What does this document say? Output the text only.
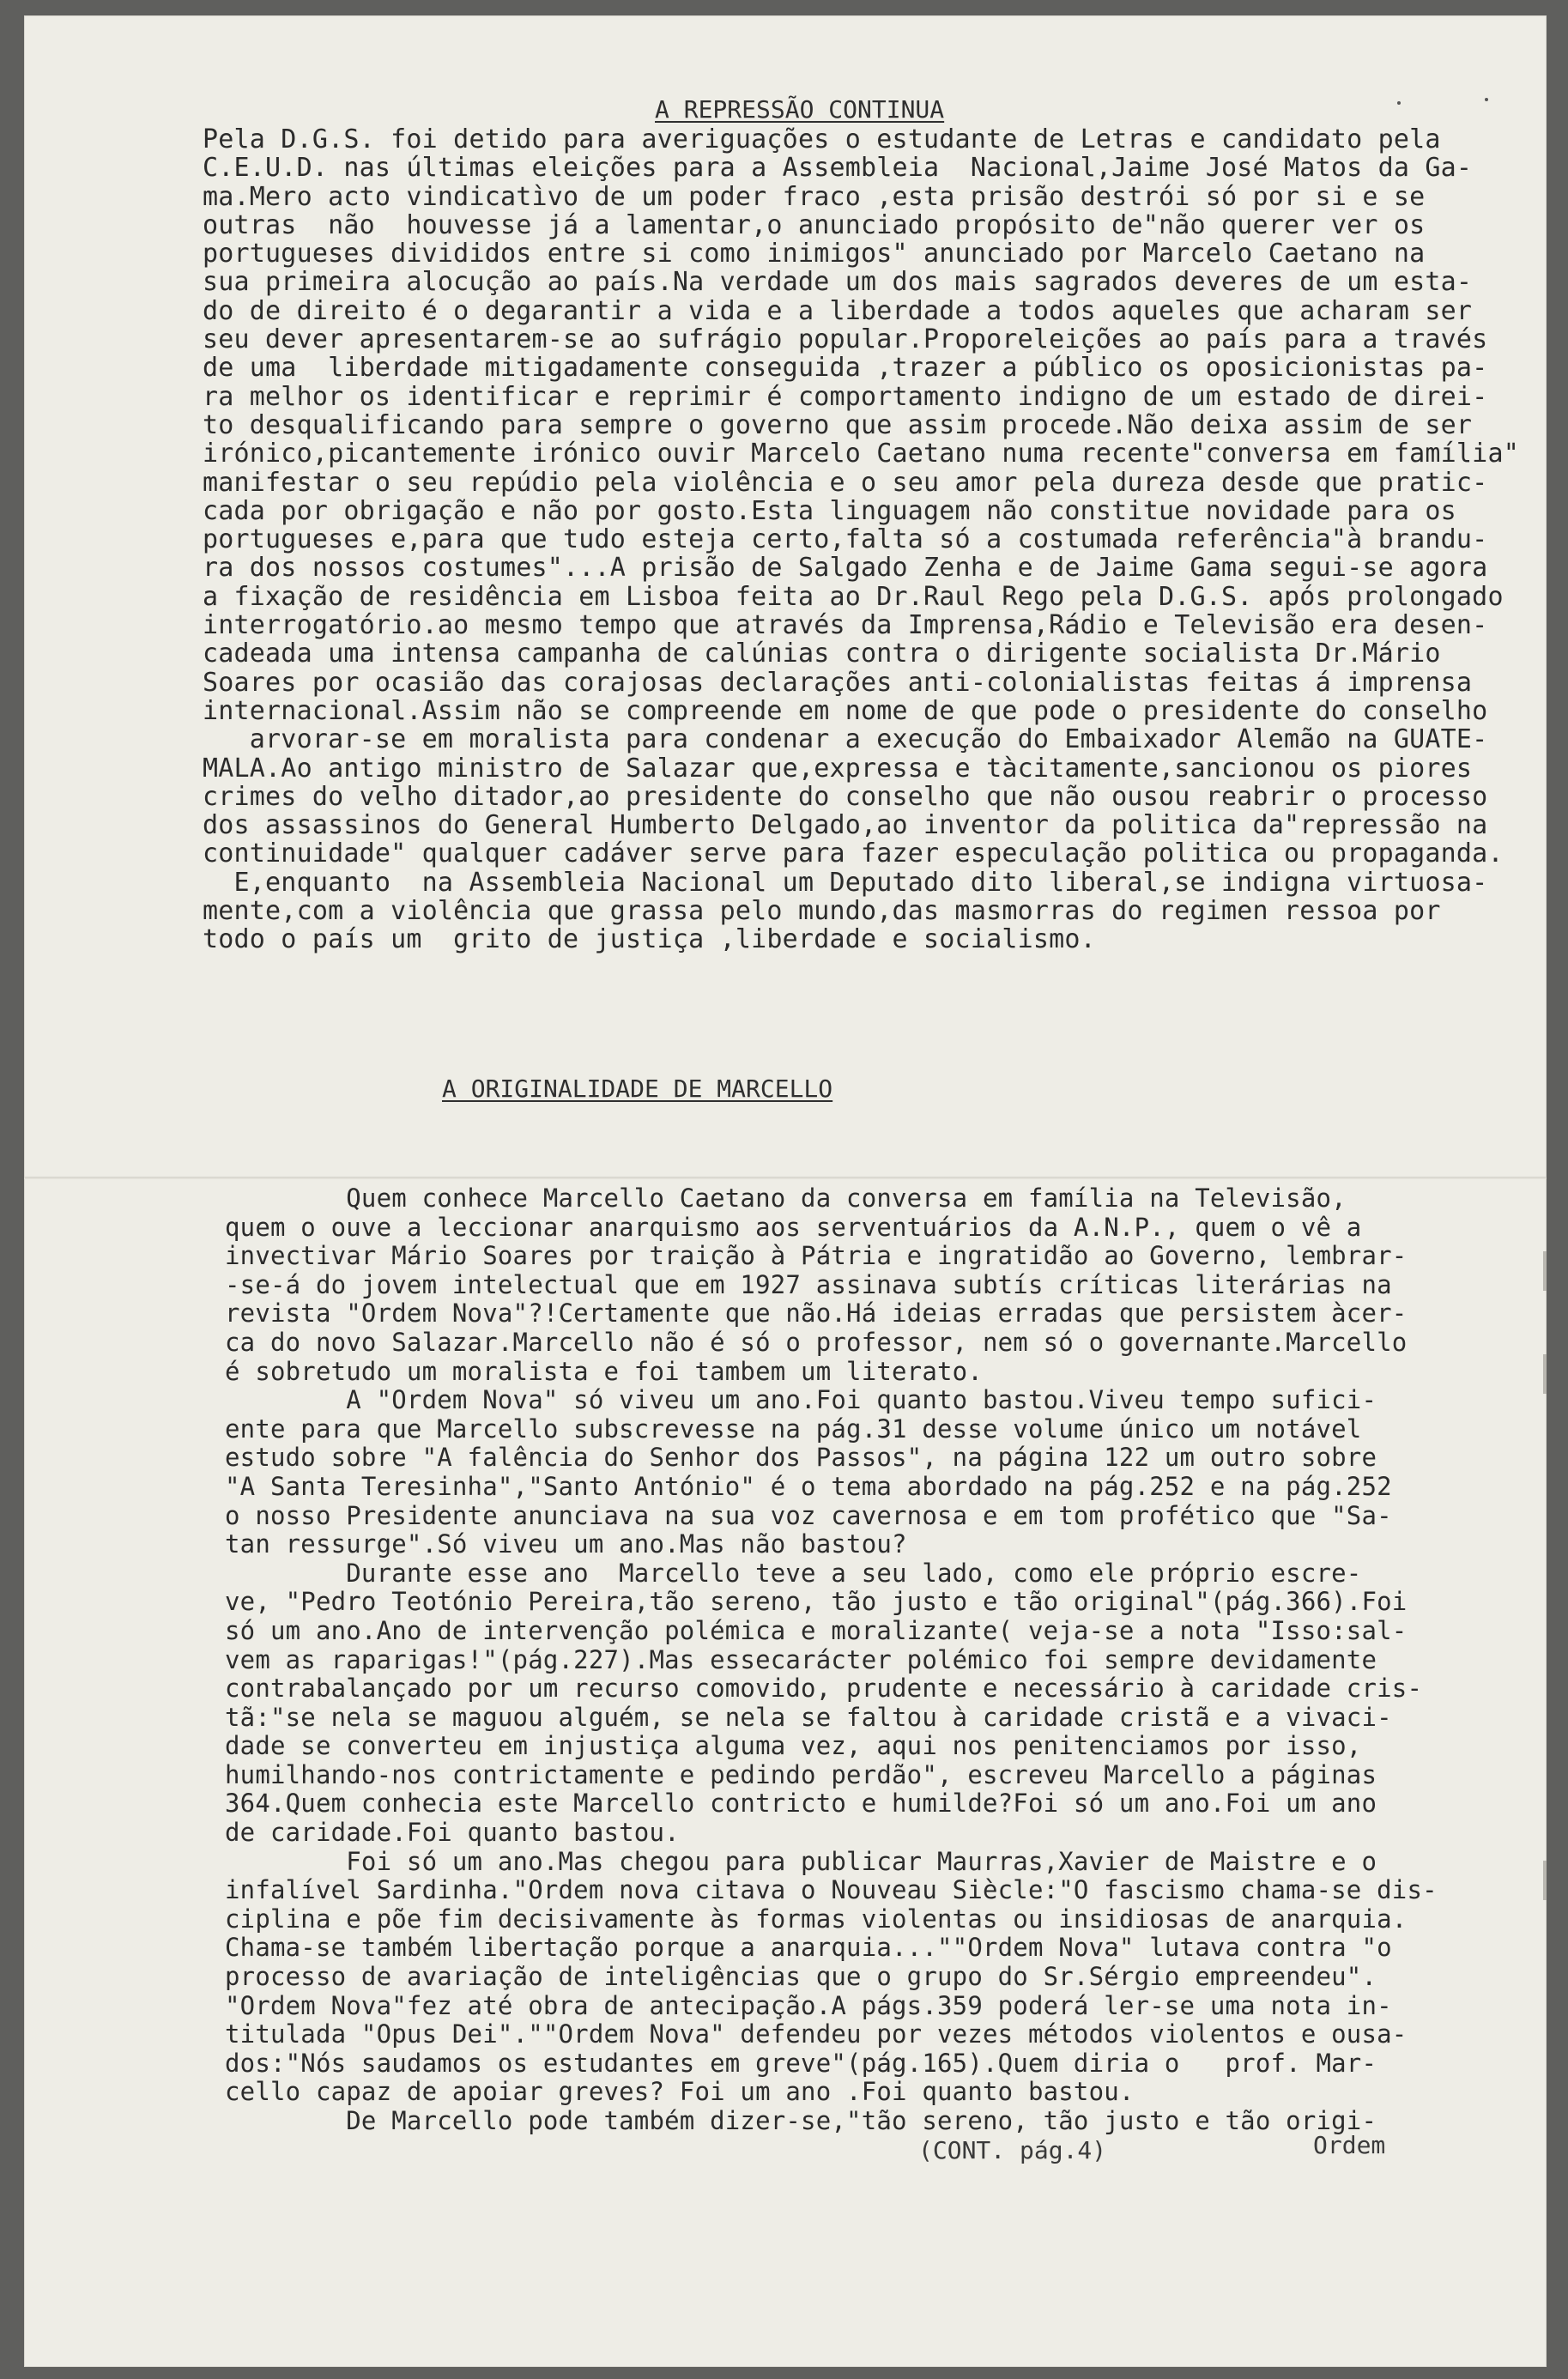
A REPRESSÃO CONTINUA
Pela D.G.S. foi detido para averiguações o estudante de Letras e candidato pela
C.E.U.D. nas últimas eleições para a Assembleia  Nacional,Jaime José Matos da Ga-
ma.Mero acto vindicatìvo de um poder fraco ,esta prisão destrói só por si e se
outras  não  houvesse já a lamentar,o anunciado propósito de"não querer ver os
portugueses divididos entre si como inimigos" anunciado por Marcelo Caetano na
sua primeira alocução ao país.Na verdade um dos mais sagrados deveres de um esta-
do de direito é o degarantir a vida e a liberdade a todos aqueles que acharam ser
seu dever apresentarem-se ao sufrágio popular.Proporeleições ao país para a través
de uma  liberdade mitigadamente conseguida ,trazer a público os oposicionistas pa-
ra melhor os identificar e reprimir é comportamento indigno de um estado de direi-
to desqualificando para sempre o governo que assim procede.Não deixa assim de ser
irónico,picantemente irónico ouvir Marcelo Caetano numa recente"conversa em família"
manifestar o seu repúdio pela violência e o seu amor pela dureza desde que pratic-
cada por obrigação e não por gosto.Esta linguagem não constitue novidade para os
portugueses e,para que tudo esteja certo,falta só a costumada referência"à brandu-
ra dos nossos costumes"...A prisão de Salgado Zenha e de Jaime Gama segui-se agora
a fixação de residência em Lisboa feita ao Dr.Raul Rego pela D.G.S. após prolongado
interrogatório.ao mesmo tempo que através da Imprensa,Rádio e Televisão era desen-
cadeada uma intensa campanha de calúnias contra o dirigente socialista Dr.Mário
Soares por ocasião das corajosas declarações anti-colonialistas feitas á imprensa
internacional.Assim não se compreende em nome de que pode o presidente do conselho
arvorar-se em moralista para condenar a execução do Embaixador Alemão na GUATE-
MALA.Ao antigo ministro de Salazar que,expressa e tàcitamente,sancionou os piores
crimes do velho ditador,ao presidente do conselho que não ousou reabrir o processo
dos assassinos do General Humberto Delgado,ao inventor da politica da"repressão na
continuidade" qualquer cadáver serve para fazer especulação politica ou propaganda.
E,enquanto  na Assembleia Nacional um Deputado dito liberal,se indigna virtuosa-
mente,com a violência que grassa pelo mundo,das masmorras do regimen ressoa por
todo o país um  grito de justiça ,liberdade e socialismo.
A ORIGINALIDADE DE MARCELLO
Quem conhece Marcello Caetano da conversa em família na Televisão,
quem o ouve a leccionar anarquismo aos serventuários da A.N.P., quem o vê a
invectivar Mário Soares por traição à Pátria e ingratidão ao Governo, lembrar-
-se-á do jovem intelectual que em 1927 assinava subtís críticas literárias na
revista "Ordem Nova"?!Certamente que não.Há ideias erradas que persistem àcer-
ca do novo Salazar.Marcello não é só o professor, nem só o governante.Marcello
é sobretudo um moralista e foi tambem um literato.
A "Ordem Nova" só viveu um ano.Foi quanto bastou.Viveu tempo sufici-
ente para que Marcello subscrevesse na pág.31 desse volume único um notável
estudo sobre "A falência do Senhor dos Passos", na página 122 um outro sobre
"A Santa Teresinha","Santo António" é o tema abordado na pág.252 e na pág.252
o nosso Presidente anunciava na sua voz cavernosa e em tom profético que "Sa-
tan ressurge".Só viveu um ano.Mas não bastou?
Durante esse ano  Marcello teve a seu lado, como ele próprio escre-
ve, "Pedro Teotónio Pereira,tão sereno, tão justo e tão original"(pág.366).Foi
só um ano.Ano de intervenção polémica e moralizante( veja-se a nota "Isso:sal-
vem as raparigas!"(pág.227).Mas essecarácter polémico foi sempre devidamente
contrabalançado por um recurso comovido, prudente e necessário à caridade cris-
tã:"se nela se maguou alguém, se nela se faltou à caridade cristã e a vivaci-
dade se converteu em injustiça alguma vez, aqui nos penitenciamos por isso,
humilhando-nos contrictamente e pedindo perdão", escreveu Marcello a páginas
364.Quem conhecia este Marcello contricto e humilde?Foi só um ano.Foi um ano
de caridade.Foi quanto bastou.
Foi só um ano.Mas chegou para publicar Maurras,Xavier de Maistre e o
infalível Sardinha."Ordem nova citava o Nouveau Siècle:"O fascismo chama-se dis-
ciplina e põe fim decisivamente às formas violentas ou insidiosas de anarquia.
Chama-se também libertação porque a anarquia...""Ordem Nova" lutava contra "o
processo de avariação de inteligências que o grupo do Sr.Sérgio empreendeu".
"Ordem Nova"fez até obra de antecipação.A págs.359 poderá ler-se uma nota in-
titulada "Opus Dei".""Ordem Nova" defendeu por vezes métodos violentos e ousa-
dos:"Nós saudamos os estudantes em greve"(pág.165).Quem diria o   prof. Mar-
cello capaz de apoiar greves? Foi um ano .Foi quanto bastou.
De Marcello pode também dizer-se,"tão sereno, tão justo e tão origi-
(CONT. pág.4)	Ordem
